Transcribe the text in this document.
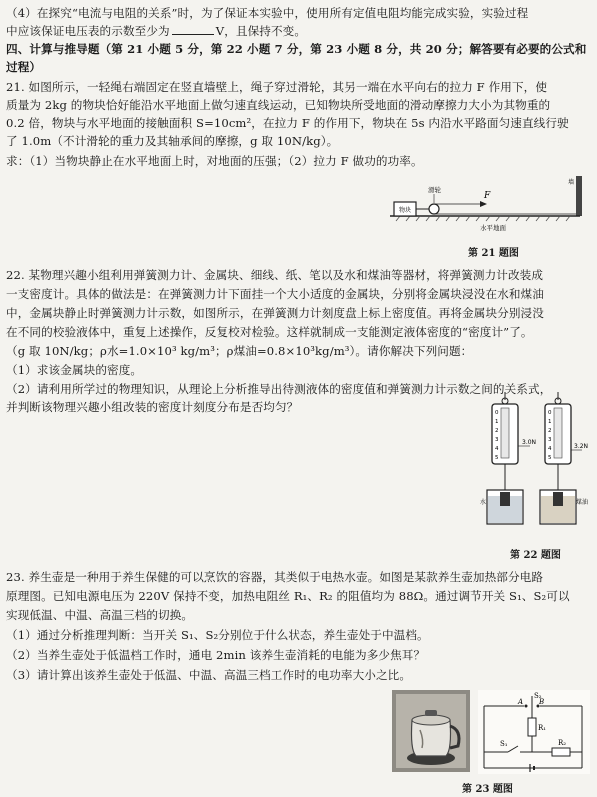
（4）在探究“电流与电阻的关系”时，为了保证本实验中，使用所有定值电阻均能完成实验，实验过程
中应该保证电压表的示数至少为	V，且保持不变。
四、计算与推导题（第 21 小题 5 分，第 22 小题 7 分，第 23 小题 8 分，共 20 分；解答要有必要的公式和
过程）
21. 如图所示，一轻绳右端固定在竖直墙壁上，绳子穿过滑轮，其另一端在水平向右的拉力 F 作用下，使
质量为 2kg 的物块恰好能沿水平地面上做匀速直线运动，已知物块所受地面的滑动摩擦力大小为其物重的
0.2 倍，物块与水平地面的接触面积 S=10cm²，在拉力 F 的作用下，物块在 5s 内沿水平路面匀速直线行驶
了 1.0m（不计滑轮的重力及其轴承间的摩擦，g 取 10N/kg）。
求：（1）当物块静止在水平地面上时，对地面的压强；（2）拉力 F 做功的功率。
物块
F
滑轮
水平地面
墙
第 21 题图
22. 某物理兴趣小组利用弹簧测力计、金属块、细线、纸、笔以及水和煤油等器材，将弹簧测力计改装成
一支密度计。具体的做法是：在弹簧测力计下面挂一个大小适度的金属块，分别将金属块浸没在水和煤油
中，金属块静止时弹簧测力计示数，如图所示，在弹簧测力计刻度盘上标上密度值。再将金属块分别浸没
在不同的校验液体中，重复上述操作，反复校对检验。这样就制成一支能测定液体密度的“密度计”了。
（g 取 10N/kg；ρ水=1.0×10³ kg/m³；ρ煤油=0.8×10³kg/m³）。请你解决下列问题：
（1）求该金属块的密度。
（2）请利用所学过的物理知识，从理论上分析推导出待测液体的密度值和弹簧测力计示数之间的关系式，
并判断该物理兴趣小组改装的密度计刻度分布是否均匀？	0
1
2
3
4
5
3.0N
水
0
1
2
3
4
5
3.2N
煤油
第 22 题图
23. 养生壶是一种用于养生保健的可以烹饮的容器，其类似于电热水壶。如图是某款养生壶加热部分电路
原理图。已知电源电压为 220V 保持不变，加热电阻丝 R₁、R₂ 的阻值均为 88Ω。通过调节开关 S₁、S₂可以
实现低温、中温、高温三档的切换。
（1）通过分析推理判断：当开关 S₁、S₂分别位于什么状态，养生壶处于中温档。
（2）当养生壶处于低温档工作时，通电 2min 该养生壶消耗的电能为多少焦耳？
（3）请计算出该养生壶处于低温、中温、高温三档工作时的电功率大小之比。
S₂
A B
R₁
S₁	R₂
第 23 题图
